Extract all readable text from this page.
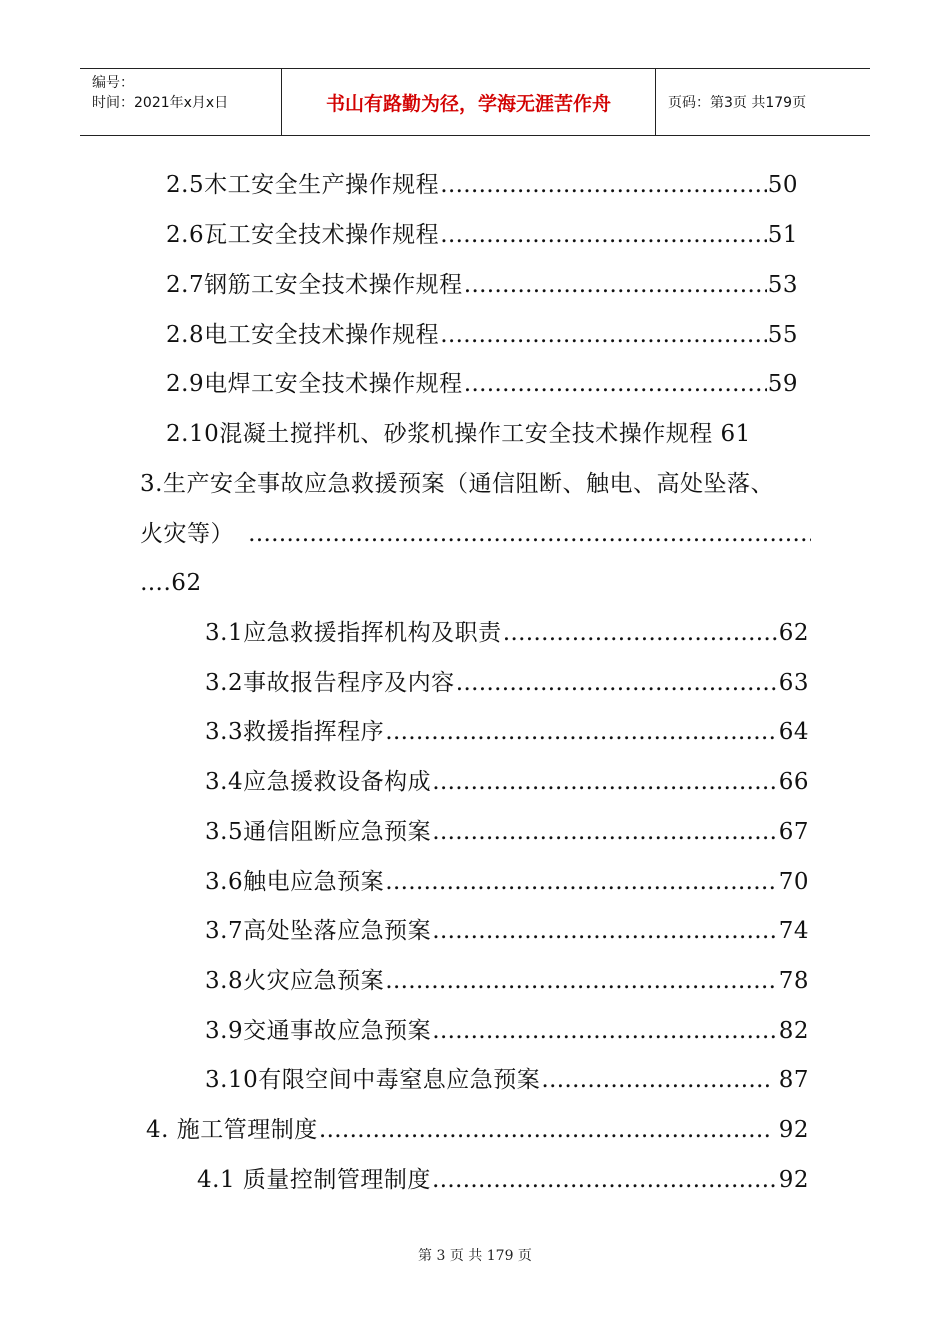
编号：
时间：2021年x月x日	书山有路勤为径，学海无涯苦作舟	页码：第3页 共179页
2.5木工安全生产操作规程 ……………………………………………………………………………………………………………………………………	50
2.6瓦工安全技术操作规程 ……………………………………………………………………………………………………………………………………	51
2.7钢筋工安全技术操作规程 ……………………………………………………………………………………………………………………………………	53
2.8电工安全技术操作规程 ……………………………………………………………………………………………………………………………………	55
2.9电焊工安全技术操作规程 ……………………………………………………………………………………………………………………………………	59
2.10混凝土搅拌机、砂浆机操作工安全技术操作规程 61
3.生产安全事故应急救援预案（通信阻断、触电、高处坠落、
火灾等）
……………………………………………………………………………………………………………………………………
….62
3.1应急救援指挥机构及职责 ……………………………………………………………………………………………………………………………………	62
3.2事故报告程序及内容 ……………………………………………………………………………………………………………………………………	63
3.3救援指挥程序 ……………………………………………………………………………………………………………………………………	64
3.4应急援救设备构成 ……………………………………………………………………………………………………………………………………	66
3.5通信阻断应急预案 ……………………………………………………………………………………………………………………………………	67
3.6触电应急预案 ……………………………………………………………………………………………………………………………………	70
3.7高处坠落应急预案 ……………………………………………………………………………………………………………………………………	74
3.8火灾应急预案 ……………………………………………………………………………………………………………………………………	78
3.9交通事故应急预案 ……………………………………………………………………………………………………………………………………	82
3.10有限空间中毒窒息应急预案 ……………………………………………………………………………………………………………………………………	87
4. 施工管理制度 ……………………………………………………………………………………………………………………………………	92
4.1 质量控制管理制度 ……………………………………………………………………………………………………………………………………	92
第 3 页 共 179 页
